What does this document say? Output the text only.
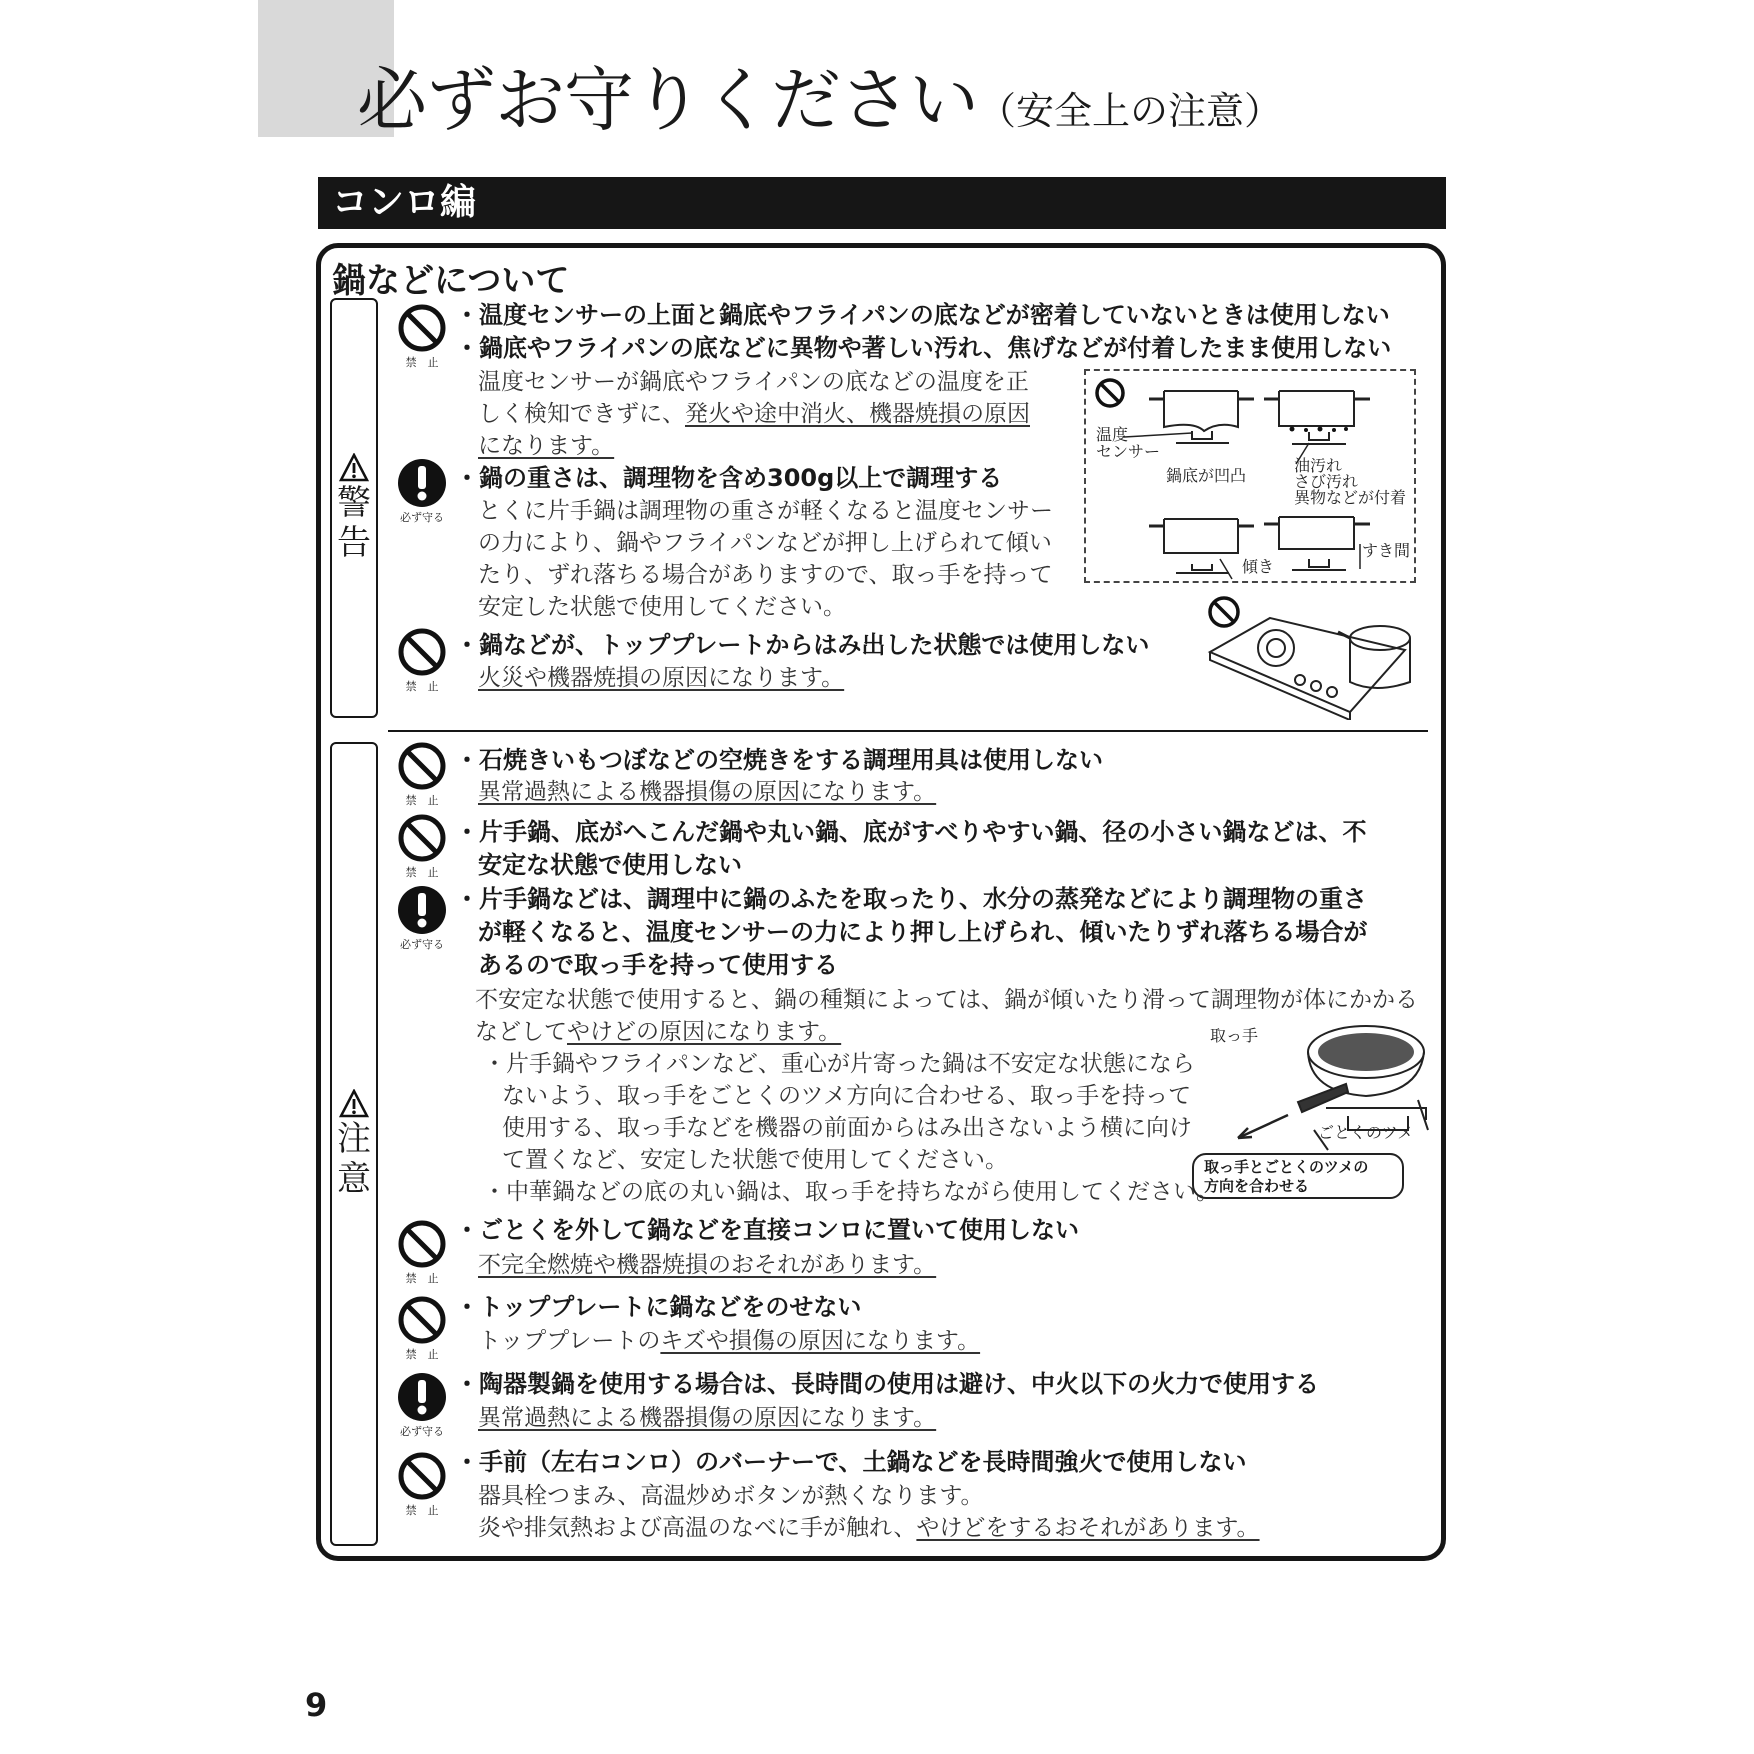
必ずお守りください（安全上の注意）
コンロ編
鍋などについて
警告
注意
禁　止
・温度センサーの上面と鍋底やフライパンの底などが密着していないときは使用しない
・鍋底やフライパンの底などに異物や著しい汚れ、焦げなどが付着したまま使用しない
温度センサーが鍋底やフライパンの底などの温度を正
しく検知できずに、発火や途中消火、機器焼損の原因
になります。
必ず守る
・鍋の重さは、調理物を含め300g以上で調理する
とくに片手鍋は調理物の重さが軽くなると温度センサー
の力により、鍋やフライパンなどが押し上げられて傾い
たり、ずれ落ちる場合がありますので、取っ手を持って
安定した状態で使用してください。
禁　止
・鍋などが、トッププレートからはみ出した状態では使用しない
火災や機器焼損の原因になります。
温度
センサー
鍋底が凹凸
油汚れ
さび汚れ
異物などが付着
傾き
すき間
禁　止
・石焼きいもつぼなどの空焼きをする調理用具は使用しない
異常過熱による機器損傷の原因になります。
禁　止
・片手鍋、底がへこんだ鍋や丸い鍋、底がすべりやすい鍋、径の小さい鍋などは、不
安定な状態で使用しない
必ず守る
・片手鍋などは、調理中に鍋のふたを取ったり、水分の蒸発などにより調理物の重さ
が軽くなると、温度センサーの力により押し上げられ、傾いたりずれ落ちる場合が
あるので取っ手を持って使用する
不安定な状態で使用すると、鍋の種類によっては、鍋が傾いたり滑って調理物が体にかかる
などしてやけどの原因になります。
・片手鍋やフライパンなど、重心が片寄った鍋は不安定な状態になら
ないよう、取っ手をごとくのツメ方向に合わせる、取っ手を持って
使用する、取っ手などを機器の前面からはみ出さないよう横に向け
て置くなど、安定した状態で使用してください。
・中華鍋などの底の丸い鍋は、取っ手を持ちながら使用してください。
取っ手
ごとくのツメ
取っ手とごとくのツメの
方向を合わせる
禁　止
・ごとくを外して鍋などを直接コンロに置いて使用しない
不完全燃焼や機器焼損のおそれがあります。
禁　止
・トッププレートに鍋などをのせない
トッププレートのキズや損傷の原因になります。
必ず守る
・陶器製鍋を使用する場合は、長時間の使用は避け、中火以下の火力で使用する
異常過熱による機器損傷の原因になります。
禁　止
・手前（左右コンロ）のバーナーで、土鍋などを長時間強火で使用しない
器具栓つまみ、高温炒めボタンが熱くなります。
炎や排気熱および高温のなべに手が触れ、やけどをするおそれがあります。
9
